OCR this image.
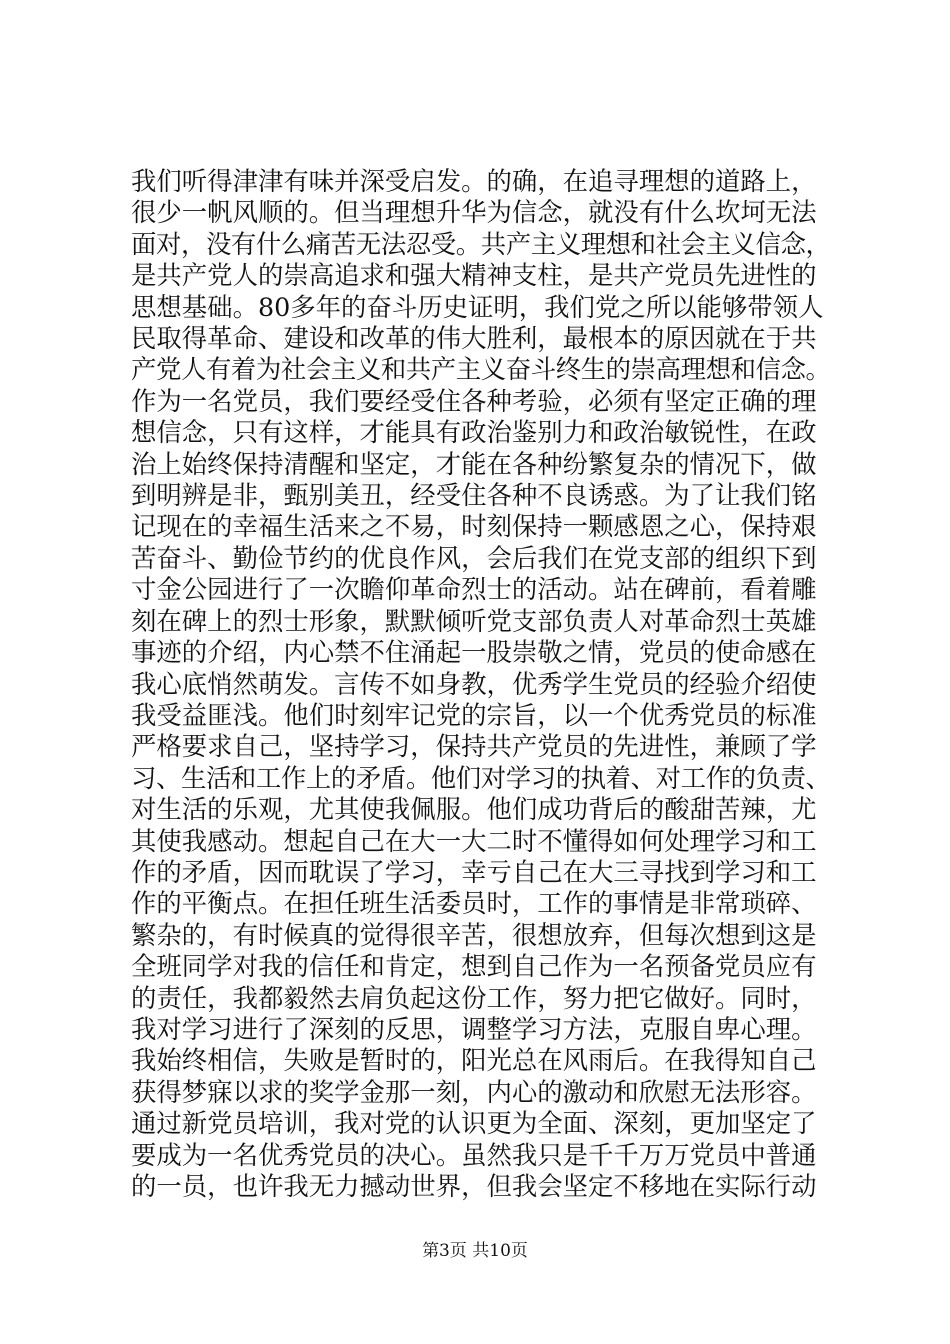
我们听得津津有味并深受启发。的确，在追寻理想的道路上，
很少一帆风顺的。但当理想升华为信念，就没有什么坎坷无法
面对，没有什么痛苦无法忍受。共产主义理想和社会主义信念，
是共产党人的崇高追求和强大精神支柱，是共产党员先进性的
思想基础。80多年的奋斗历史证明，我们党之所以能够带领人
民取得革命、建设和改革的伟大胜利，最根本的原因就在于共
产党人有着为社会主义和共产主义奋斗终生的崇高理想和信念。
作为一名党员，我们要经受住各种考验，必须有坚定正确的理
想信念，只有这样，才能具有政治鉴别力和政治敏锐性，在政
治上始终保持清醒和坚定，才能在各种纷繁复杂的情况下，做
到明辨是非，甄别美丑，经受住各种不良诱惑。为了让我们铭
记现在的幸福生活来之不易，时刻保持一颗感恩之心，保持艰
苦奋斗、勤俭节约的优良作风，会后我们在党支部的组织下到
寸金公园进行了一次瞻仰革命烈士的活动。站在碑前，看着雕
刻在碑上的烈士形象，默默倾听党支部负责人对革命烈士英雄
事迹的介绍，内心禁不住涌起一股崇敬之情，党员的使命感在
我心底悄然萌发。言传不如身教，优秀学生党员的经验介绍使
我受益匪浅。他们时刻牢记党的宗旨，以一个优秀党员的标准
严格要求自己，坚持学习，保持共产党员的先进性，兼顾了学
习、生活和工作上的矛盾。他们对学习的执着、对工作的负责、
对生活的乐观，尤其使我佩服。他们成功背后的酸甜苦辣，尤
其使我感动。想起自己在大一大二时不懂得如何处理学习和工
作的矛盾，因而耽误了学习，幸亏自己在大三寻找到学习和工
作的平衡点。在担任班生活委员时，工作的事情是非常琐碎、
繁杂的，有时候真的觉得很辛苦，很想放弃，但每次想到这是
全班同学对我的信任和肯定，想到自己作为一名预备党员应有
的责任，我都毅然去肩负起这份工作，努力把它做好。同时，
我对学习进行了深刻的反思，调整学习方法，克服自卑心理。
我始终相信，失败是暂时的，阳光总在风雨后。在我得知自己
获得梦寐以求的奖学金那一刻，内心的激动和欣慰无法形容。
通过新党员培训，我对党的认识更为全面、深刻，更加坚定了
要成为一名优秀党员的决心。虽然我只是千千万万党员中普通
的一员，也许我无力撼动世界，但我会坚定不移地在实际行动
第3页 共10页
